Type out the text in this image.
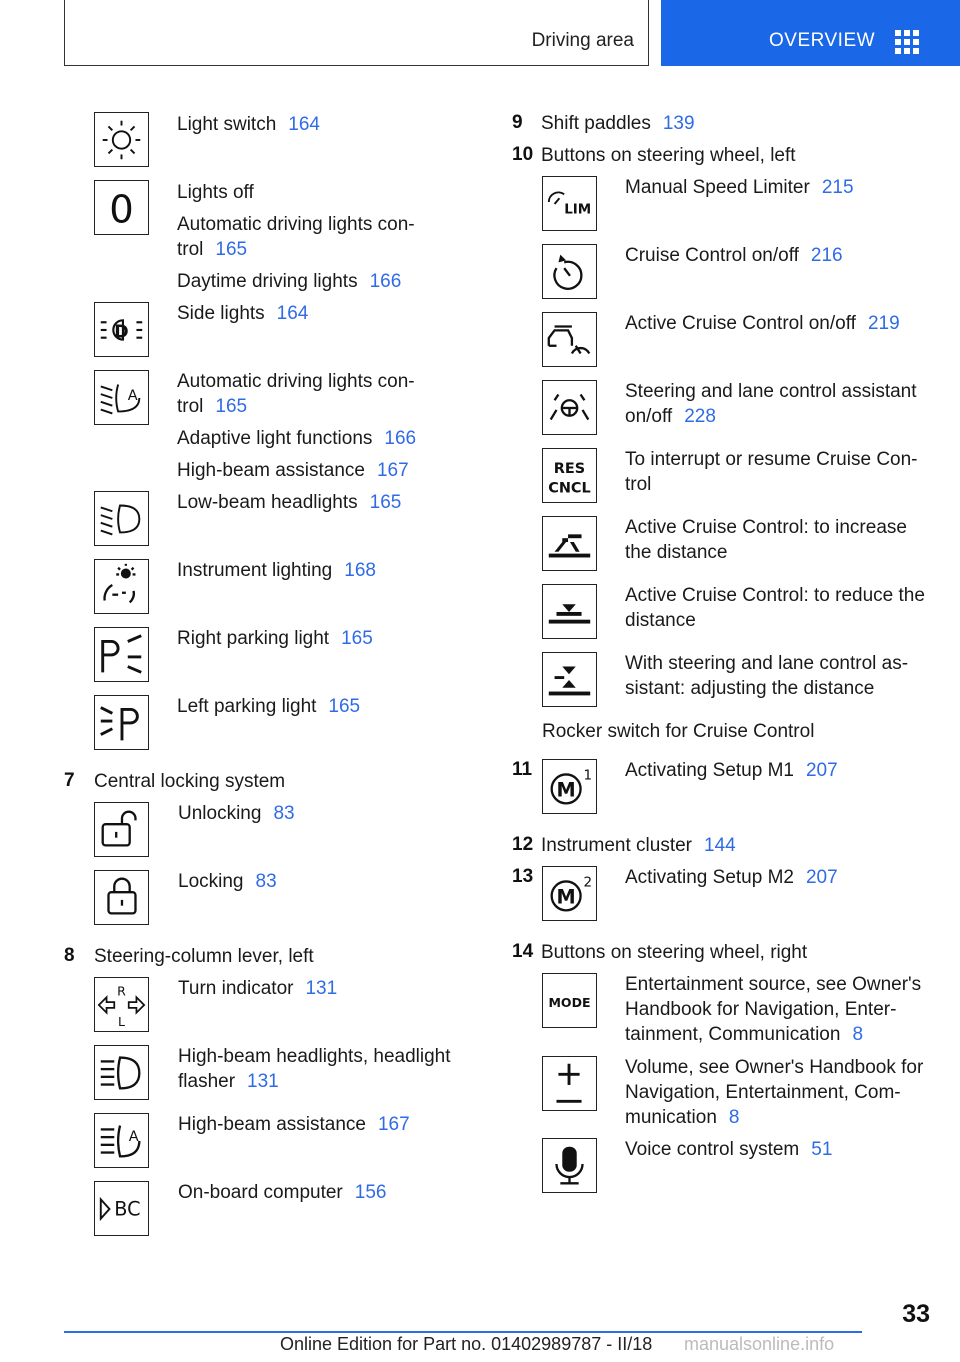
Driving area	OVERVIEW
Light switch 164
0 Lights off

Automatic driving lights con-
trol 165

Daytime driving lights 166

D
Side lights 164
A

Automatic driving lights con-
trol 165

Adaptive light functions 166

High-beam assistance 167

Low-beam headlights 165
Instrument lighting 168
Right parking light 165
Left parking light 165
7 Central locking system
Unlocking 83
Locking 83
8 Steering-column lever, left
R
L
Turn indicator 131
High-beam headlights, headlight
flasher 131
A
High-beam assistance 167
BC
On-board computer 156
9 Shift paddles 139
10 Buttons on steering wheel, left
LIM
Manual Speed Limiter 215
Cruise Control on/off 216
Active Cruise Control on/off 219
Steering and lane control assistant
on/off 228
RES
CNCL
To interrupt or resume Cruise Con-
trol
Active Cruise Control: to increase
the distance
Active Cruise Control: to reduce the
distance
With steering and lane control as-
sistant: adjusting the distance
Rocker switch for Cruise Control
11
M
1 Activating Setup M1 207
12 Instrument cluster 144
13
M
2 Activating Setup M2 207
14 Buttons on steering wheel, right
MODE
Entertainment source, see Owner's
Handbook for Navigation, Enter-
tainment, Communication 8
Volume, see Owner's Handbook for
Navigation, Entertainment, Com-
munication 8
Voice control system 51
33
Online Edition for Part no. 01402989787 - II/18 manualsonline.info
